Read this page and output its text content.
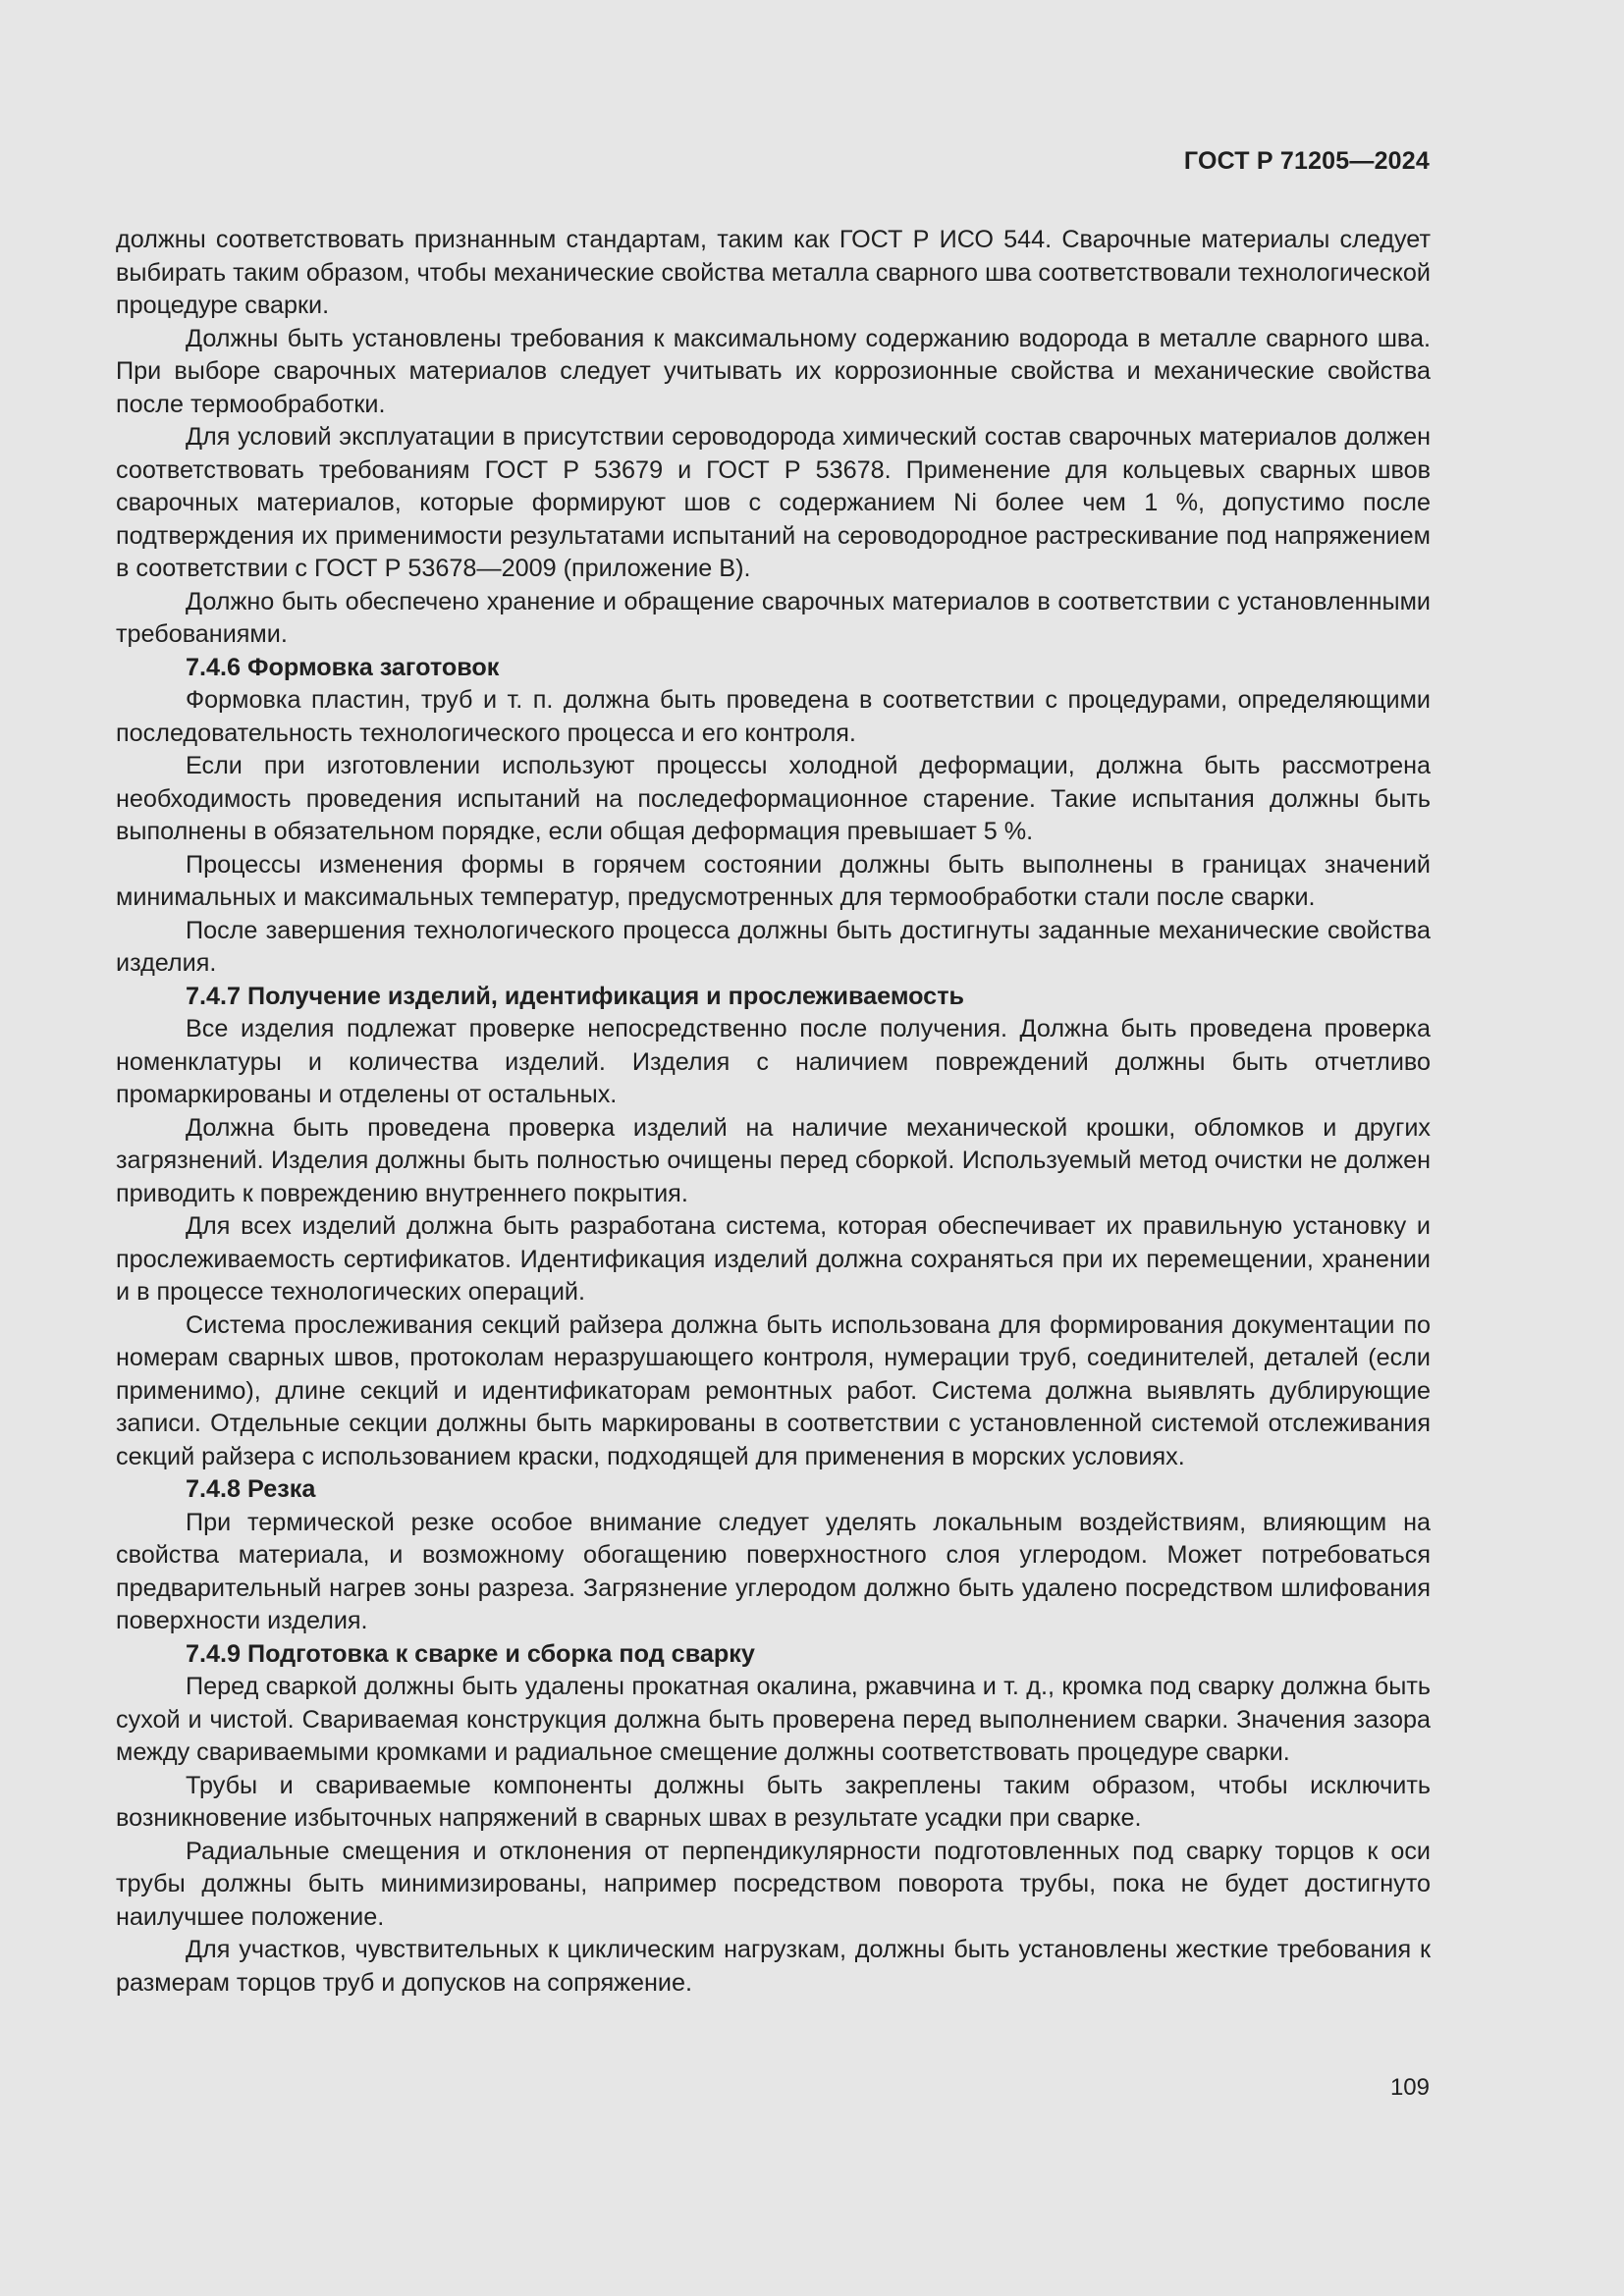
ГОСТ Р 71205—2024

должны соответствовать признанным стандартам, таким как ГОСТ Р ИСО 544. Сварочные материалы следует выбирать таким образом, чтобы механические свойства металла сварного шва соответствовали технологической процедуре сварки.

Должны быть установлены требования к максимальному содержанию водорода в металле сварного шва. При выборе сварочных материалов следует учитывать их коррозионные свойства и механические свойства после термообработки.

Для условий эксплуатации в присутствии сероводорода химический состав сварочных материалов должен соответствовать требованиям ГОСТ Р 53679 и ГОСТ Р 53678. Применение для кольцевых сварных швов сварочных материалов, которые формируют шов с содержанием Ni более чем 1 %, допустимо после подтверждения их применимости результатами испытаний на сероводородное растрескивание под напряжением в соответствии с ГОСТ Р 53678—2009 (приложение В).

Должно быть обеспечено хранение и обращение сварочных материалов в соответствии с установленными требованиями.

7.4.6 Формовка заготовок

Формовка пластин, труб и т. п. должна быть проведена в соответствии с процедурами, определяющими последовательность технологического процесса и его контроля.

Если при изготовлении используют процессы холодной деформации, должна быть рассмотрена необходимость проведения испытаний на последеформационное старение. Такие испытания должны быть выполнены в обязательном порядке, если общая деформация превышает 5 %.

Процессы изменения формы в горячем состоянии должны быть выполнены в границах значений минимальных и максимальных температур, предусмотренных для термообработки стали после сварки.

После завершения технологического процесса должны быть достигнуты заданные механические свойства изделия.

7.4.7 Получение изделий, идентификация и прослеживаемость

Все изделия подлежат проверке непосредственно после получения. Должна быть проведена проверка номенклатуры и количества изделий. Изделия с наличием повреждений должны быть отчетливо промаркированы и отделены от остальных.

Должна быть проведена проверка изделий на наличие механической крошки, обломков и других загрязнений. Изделия должны быть полностью очищены перед сборкой. Используемый метод очистки не должен приводить к повреждению внутреннего покрытия.

Для всех изделий должна быть разработана система, которая обеспечивает их правильную установку и прослеживаемость сертификатов. Идентификация изделий должна сохраняться при их перемещении, хранении и в процессе технологических операций.

Система прослеживания секций райзера должна быть использована для формирования документации по номерам сварных швов, протоколам неразрушающего контроля, нумерации труб, соединителей, деталей (если применимо), длине секций и идентификаторам ремонтных работ. Система должна выявлять дублирующие записи. Отдельные секции должны быть маркированы в соответствии с установленной системой отслеживания секций райзера с использованием краски, подходящей для применения в морских условиях.

7.4.8 Резка

При термической резке особое внимание следует уделять локальным воздействиям, влияющим на свойства материала, и возможному обогащению поверхностного слоя углеродом. Может потребоваться предварительный нагрев зоны разреза. Загрязнение углеродом должно быть удалено посредством шлифования поверхности изделия.

7.4.9 Подготовка к сварке и сборка под сварку

Перед сваркой должны быть удалены прокатная окалина, ржавчина и т. д., кромка под сварку должна быть сухой и чистой. Свариваемая конструкция должна быть проверена перед выполнением сварки. Значения зазора между свариваемыми кромками и радиальное смещение должны соответствовать процедуре сварки.

Трубы и свариваемые компоненты должны быть закреплены таким образом, чтобы исключить возникновение избыточных напряжений в сварных швах в результате усадки при сварке.

Радиальные смещения и отклонения от перпендикулярности подготовленных под сварку торцов к оси трубы должны быть минимизированы, например посредством поворота трубы, пока не будет достигнуто наилучшее положение.

Для участков, чувствительных к циклическим нагрузкам, должны быть установлены жесткие требования к размерам торцов труб и допусков на сопряжение.

109
